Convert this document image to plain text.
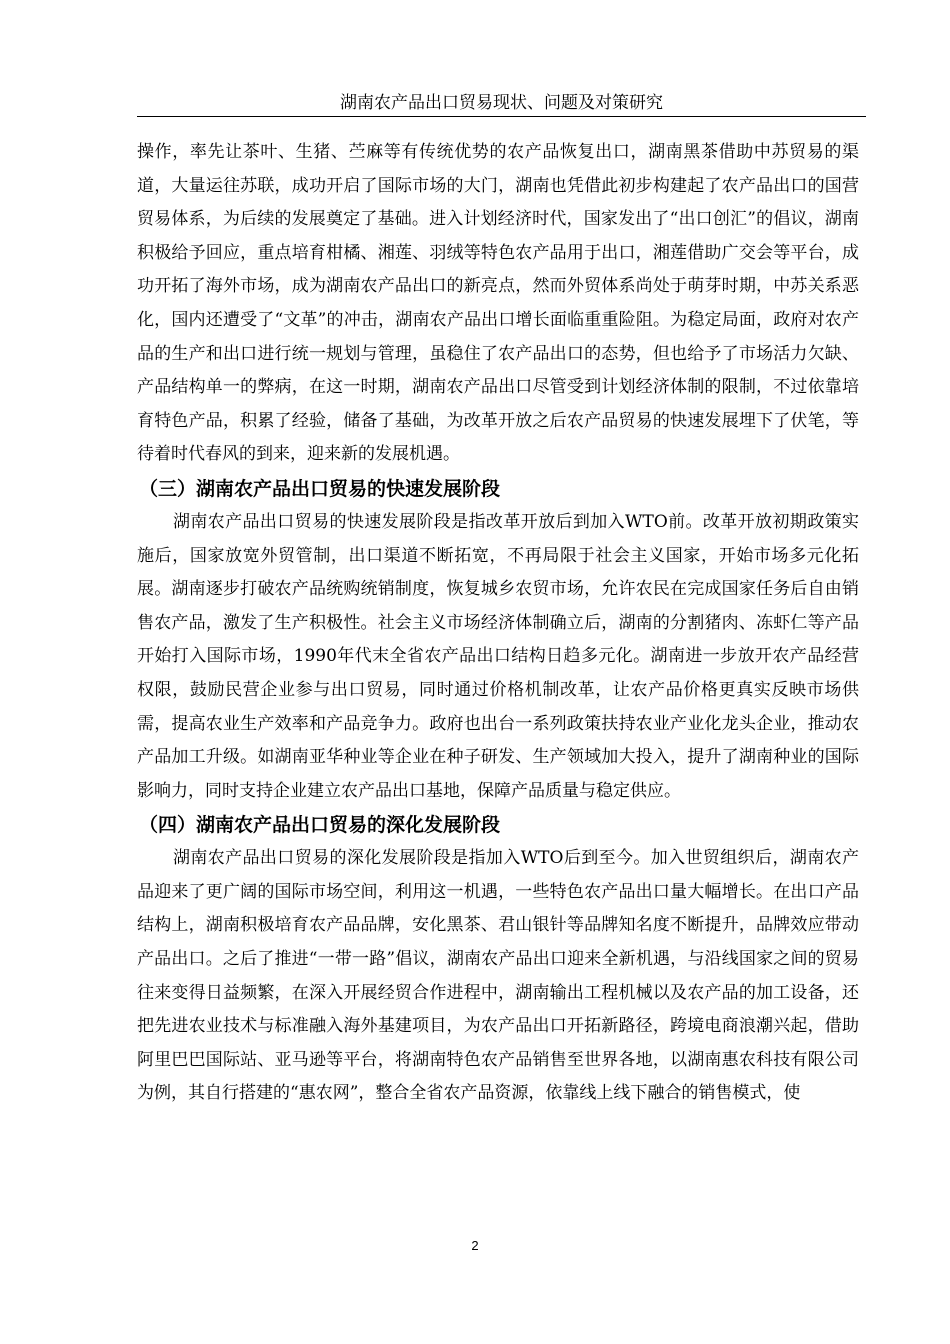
湖南农产品出口贸易现状、问题及对策研究

操作，率先让茶叶、生猪、苎麻等有传统优势的农产品恢复出口，湖南黑茶借助中苏贸易的渠道，大量运往苏联，成功开启了国际市场的大门，湖南也凭借此初步构建起了农产品出口的国营贸易体系，为后续的发展奠定了基础。进入计划经济时代，国家发出了“出口创汇”的倡议，湖南积极给予回应，重点培育柑橘、湘莲、羽绒等特色农产品用于出口，湘莲借助广交会等平台，成功开拓了海外市场，成为湖南农产品出口的新亮点，然而外贸体系尚处于萌芽时期，中苏关系恶化，国内还遭受了“文革”的冲击，湖南农产品出口增长面临重重险阻。为稳定局面，政府对农产品的生产和出口进行统一规划与管理，虽稳住了农产品出口的态势，但也给予了市场活力欠缺、产品结构单一的弊病，在这一时期，湖南农产品出口尽管受到计划经济体制的限制，不过依靠培育特色产品，积累了经验，储备了基础，为改革开放之后农产品贸易的快速发展埋下了伏笔，等待着时代春风的到来，迎来新的发展机遇。

（三）湖南农产品出口贸易的快速发展阶段

湖南农产品出口贸易的快速发展阶段是指改革开放后到加入WTO前。改革开放初期政策实施后，国家放宽外贸管制，出口渠道不断拓宽，不再局限于社会主义国家，开始市场多元化拓展。湖南逐步打破农产品统购统销制度，恢复城乡农贸市场，允许农民在完成国家任务后自由销售农产品，激发了生产积极性。社会主义市场经济体制确立后，湖南的分割猪肉、冻虾仁等产品开始打入国际市场，1990年代末全省农产品出口结构日趋多元化。湖南进一步放开农产品经营权限，鼓励民营企业参与出口贸易，同时通过价格机制改革，让农产品价格更真实反映市场供需，提高农业生产效率和产品竞争力。政府也出台一系列政策扶持农业产业化龙头企业，推动农产品加工升级。如湖南亚华种业等企业在种子研发、生产领域加大投入，提升了湖南种业的国际影响力，同时支持企业建立农产品出口基地，保障产品质量与稳定供应。

（四）湖南农产品出口贸易的深化发展阶段

湖南农产品出口贸易的深化发展阶段是指加入WTO后到至今。加入世贸组织后，湖南农产品迎来了更广阔的国际市场空间，利用这一机遇，一些特色农产品出口量大幅增长。在出口产品结构上，湖南积极培育农产品品牌，安化黑茶、君山银针等品牌知名度不断提升，品牌效应带动产品出口。之后了推进“一带一路”倡议，湖南农产品出口迎来全新机遇，与沿线国家之间的贸易往来变得日益频繁，在深入开展经贸合作进程中，湖南输出工程机械以及农产品的加工设备，还把先进农业技术与标准融入海外基建项目，为农产品出口开拓新路径，跨境电商浪潮兴起，借助阿里巴巴国际站、亚马逊等平台，将湖南特色农产品销售至世界各地，以湖南惠农科技有限公司为例，其自行搭建的“惠农网”，整合全省农产品资源，依靠线上线下融合的销售模式，使

2
